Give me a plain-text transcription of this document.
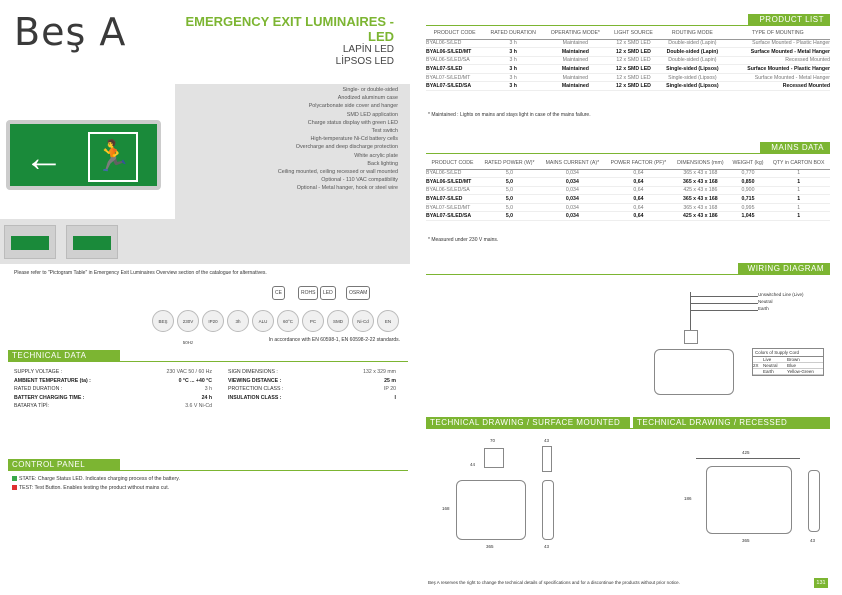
Beş A	EMERGENCY EXIT LUMINAIRES - LED
LAPİN LED
LİPSOS LED
← 🏃
Single- or double-sided
Anodized aluminum case
Polycarbonate side cover and hanger
SMD LED application
Charge status display with green LED
Test switch
High-temperature Ni-Cd battery cells
Overcharge and deep discharge protection
White acrylic plate
Back lighting
Ceiling mounted, ceiling recessed or wall mounted
Optional - 110 VAC compatibility
Optional - Metal hanger, hook or steel wire
Please refer to "Pictogram Table" in Emergency Exit Luminaires Overview section of the catalogue for alternatives.
In accordance with EN 60598-1, EN 60598-2-22 standards.
TECHNICAL DATA
SUPPLY VOLTAGE :	230 VAC 50 / 60 Hz	SIGN DIMENSIONS :	132 x 329 mm
AMBIENT TEMPERATURE (ta) :	0 °C ... +40 °C	VIEWING DISTANCE :	25 m
RATED DURATION :	3 h	PROTECTION CLASS :	IP 20
BATTERY CHARGING TIME :	24 h	INSULATION CLASS :	I
BATARYA TİPİ:	3.6 V Ni-Cd		
CONTROL PANEL
STATE: Charge Status LED. Indicates charging process of the battery.
TEST: Test Button. Enables testing the product without mains cut.
PRODUCT LIST
PRODUCT CODE	RATED DURATION	OPERATING MODE*	LIGHT SOURCE	ROUTING MODE	TYPE OF MOUNTING
BYAL06-S/LED	3 h	Maintained	12 x SMD LED	Double-sided (Lapin)	Surface Mounted - Plastic Hanger
BYAL06-S/LED/MT	3 h	Maintained	12 x SMD LED	Double-sided (Lapin)	Surface Mounted - Metal Hanger
BYAL06-S/LED/SA	3 h	Maintained	12 x SMD LED	Double-sided (Lapin)	Recessed Mounted
BYAL07-S/LED	3 h	Maintained	12 x SMD LED	Single-sided (Lipsos)	Surface Mounted - Plastic Hanger
BYAL07-S/LED/MT	3 h	Maintained	12 x SMD LED	Single-sided (Lipsos)	Surface Mounted - Metal Hanger
BYAL07-S/LED/SA	3 h	Maintained	12 x SMD LED	Single-sided (Lipsos)	Recessed Mounted
* Maintained : Lights on mains and stays light in case of the mains failure.
MAINS DATA
PRODUCT CODE	RATED POWER (W)*	MAINS CURRENT (A)*	POWER FACTOR (PF)*	DIMENSIONS (mm)	WEIGHT (kg)	QTY in CARTON BOX
BYAL06-S/LED	5,0	0,034	0,64	365 x 43 x 168	0,770	1
BYAL06-S/LED/MT	5,0	0,034	0,64	365 x 43 x 168	0,850	1
BYAL06-S/LED/SA	5,0	0,034	0,64	425 x 43 x 186	0,900	1
BYAL07-S/LED	5,0	0,034	0,64	365 x 43 x 168	0,715	1
BYAL07-S/LED/MT	5,0	0,034	0,64	365 x 43 x 168	0,995	1
BYAL07-S/LED/SA	5,0	0,034	0,64	425 x 43 x 186	1,045	1
* Measured under 230 V mains.
WIRING DIAGRAM
Unswitched Line (Live)
Neutral
Earth
Colors of Supply Cord
Live	Brown
2X Neutral	Blue
Earth	Yellow-Green
TECHNICAL DRAWING / SURFACE MOUNTED	TECHNICAL DRAWING / RECESSED MOUNTED
70
44
43
168
365	43
425
186
365	43
Beş A reserves the right to change the technical details of specifications and for a discontinue the products without prior notice.	131
CE	ROHS	LED	OSRAM
BEŞ	230V 50Hz
IP20	3h	ALU	60°C	PC	SMD	Ni-Cd	EN
